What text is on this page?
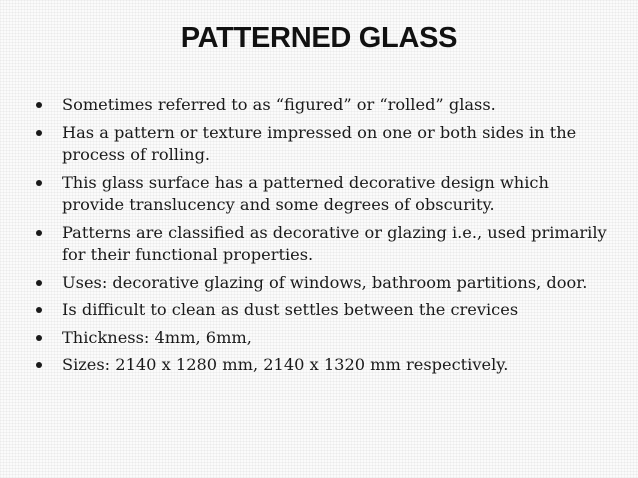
PATTERNED GLASS
Sometimes referred to as “figured” or “rolled” glass.
Has a pattern or texture impressed on one or both sides in the process of rolling.
This glass surface has a patterned decorative design which provide translucency and some degrees of obscurity.
Patterns are classified as decorative or glazing i.e., used primarily for their functional properties.
Uses: decorative glazing of windows, bathroom partitions, door.
Is difficult to clean as dust settles between the crevices
Thickness: 4mm, 6mm,
Sizes: 2140 x 1280 mm, 2140 x 1320 mm respectively.
